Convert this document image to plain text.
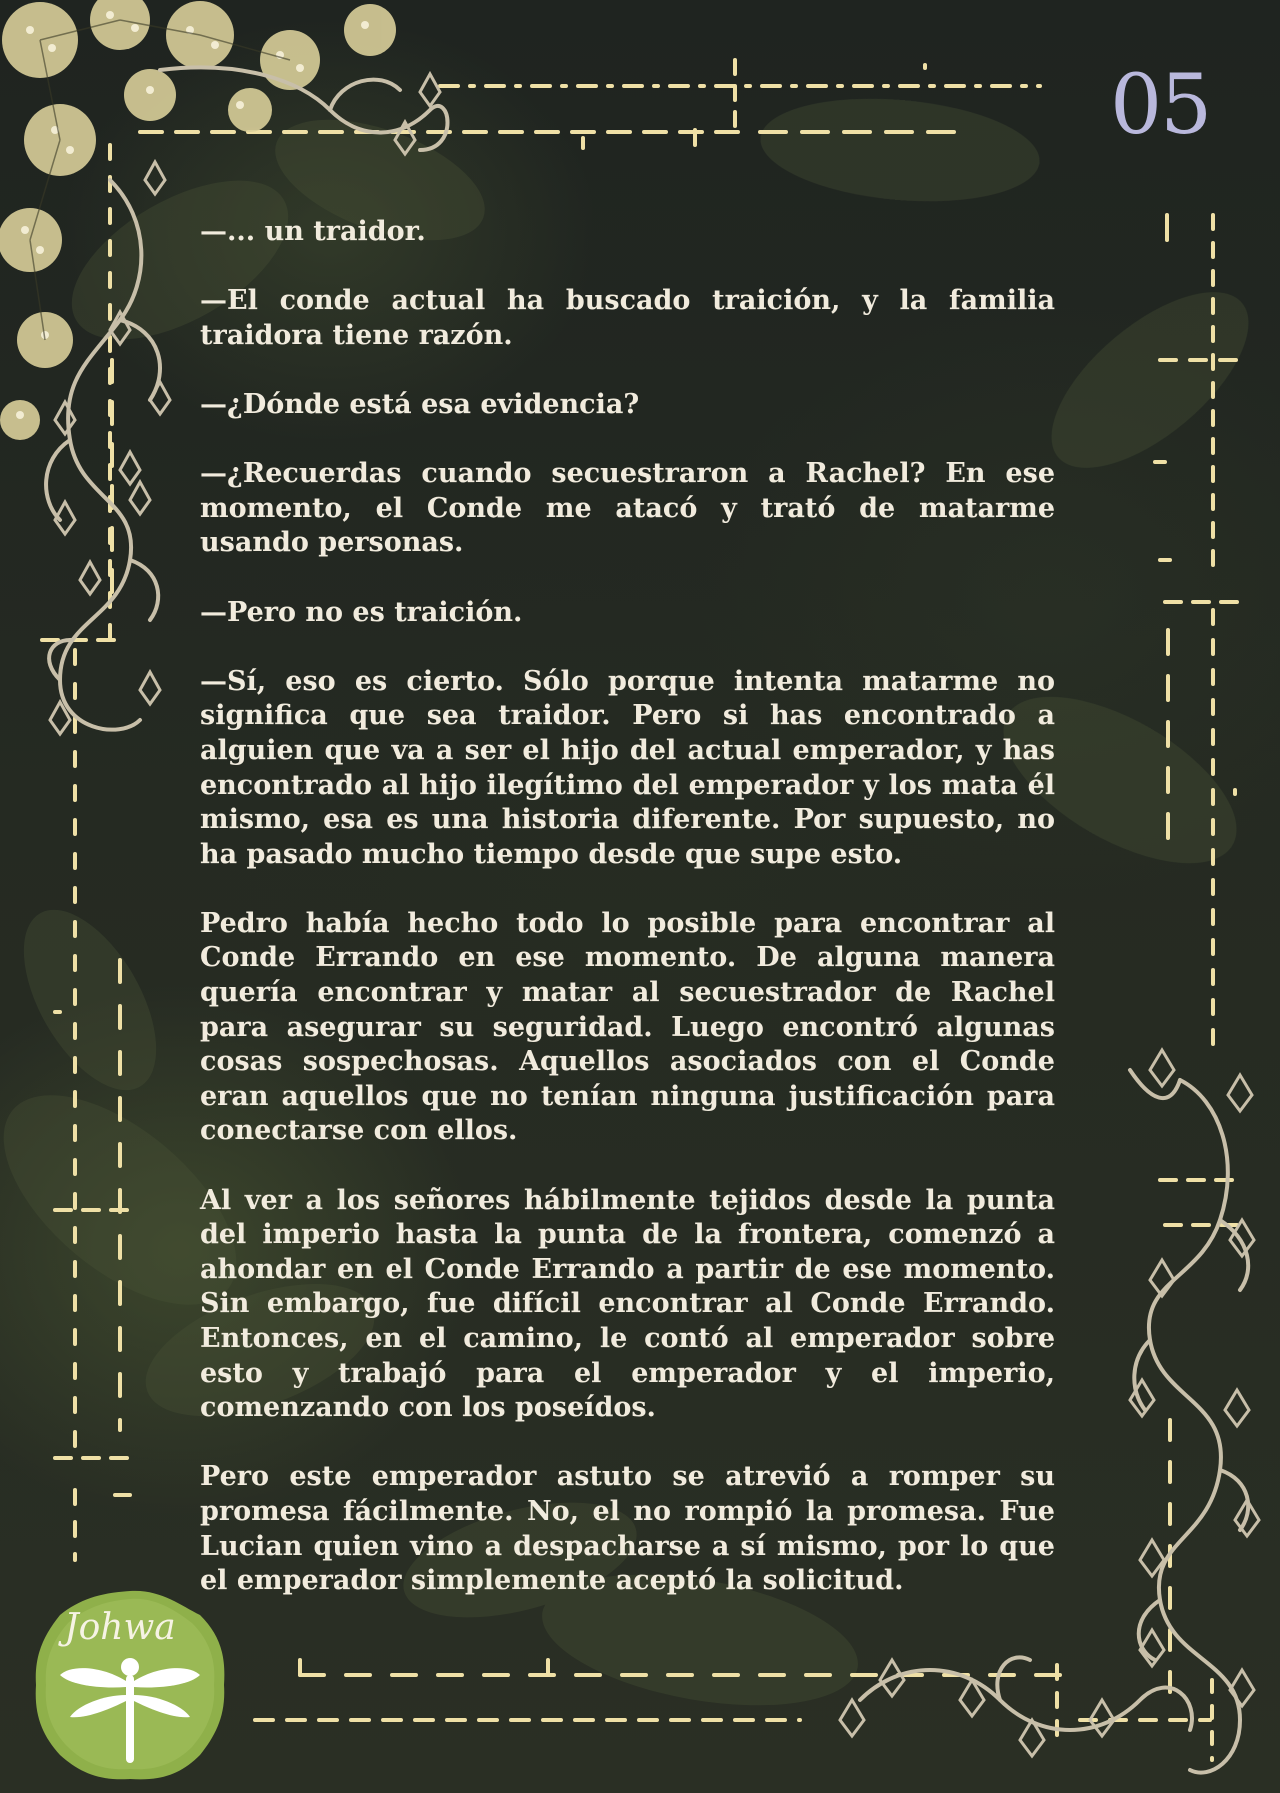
05

—... un traidor.

—El conde actual ha buscado traición, y la familia traidora tiene razón.

—¿Dónde está esa evidencia?

—¿Recuerdas cuando secuestraron a Rachel? En ese momento, el Conde me atacó y trató de matarme usando personas.

—Pero no es traición.

—Sí, eso es cierto. Sólo porque intenta matarme no significa que sea traidor. Pero si has encontrado a alguien que va a ser el hijo del actual emperador, y has encontrado al hijo ilegítimo del emperador y los mata él mismo, esa es una historia diferente. Por supuesto, no ha pasado mucho tiempo desde que supe esto.

Pedro había hecho todo lo posible para encontrar al Conde Errando en ese momento. De alguna manera quería encontrar y matar al secuestrador de Rachel para asegurar su seguridad. Luego encontró algunas cosas sospechosas. Aquellos asociados con el Conde eran aquellos que no tenían ninguna justificación para conectarse con ellos.

Al ver a los señores hábilmente tejidos desde la punta del imperio hasta la punta de la frontera, comenzó a ahondar en el Conde Errando a partir de ese momento. Sin embargo, fue difícil encontrar al Conde Errando. Entonces, en el camino, le contó al emperador sobre esto y trabajó para el emperador y el imperio, comenzando con los poseídos.

Pero este emperador astuto se atrevió a romper su promesa fácilmente. No, el no rompió la promesa. Fue Lucian quien vino a despacharse a sí mismo, por lo que el emperador simplemente aceptó la solicitud.

Johwa
